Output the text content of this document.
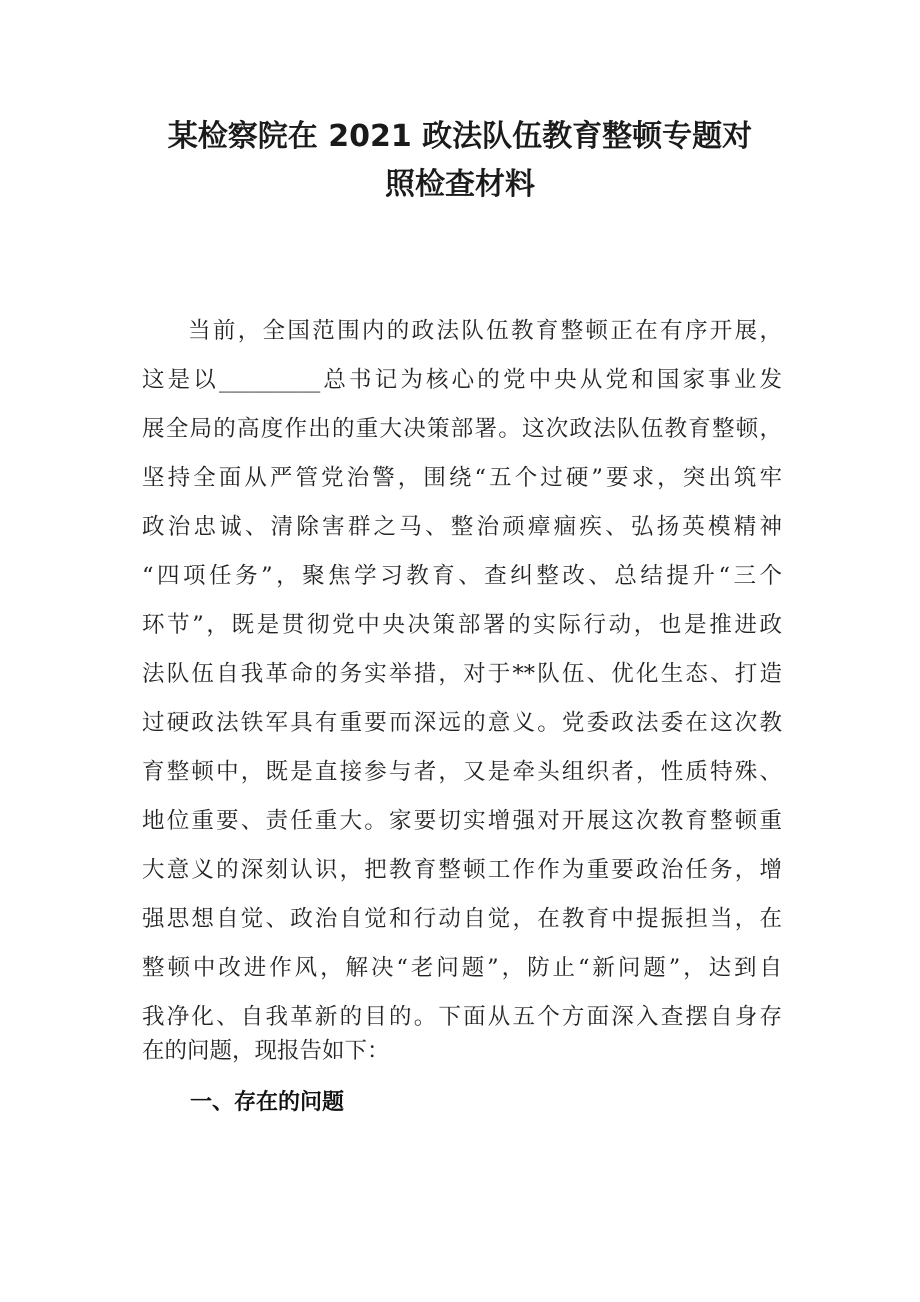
某检察院在 2021 政法队伍教育整顿专题对
照检查材料
当前，全国范围内的政法队伍教育整顿正在有序开展，
这是以_________总书记为核心的党中央从党和国家事业发
展全局的高度作出的重大决策部署。这次政法队伍教育整顿，
坚持全面从严管党治警，围绕“五个过硬”要求，突出筑牢
政治忠诚、清除害群之马、整治顽瘴痼疾、弘扬英模精神
“四项任务”，聚焦学习教育、查纠整改、总结提升“三个
环节”，既是贯彻党中央决策部署的实际行动，也是推进政
法队伍自我革命的务实举措，对于**队伍、优化生态、打造
过硬政法铁军具有重要而深远的意义。党委政法委在这次教
育整顿中，既是直接参与者，又是牵头组织者，性质特殊、
地位重要、责任重大。家要切实增强对开展这次教育整顿重
大意义的深刻认识，把教育整顿工作作为重要政治任务，增
强思想自觉、政治自觉和行动自觉，在教育中提振担当，在
整顿中改进作风，解决“老问题”，防止“新问题”，达到自
我净化、自我革新的目的。下面从五个方面深入查摆自身存
在的问题，现报告如下：
一、存在的问题
